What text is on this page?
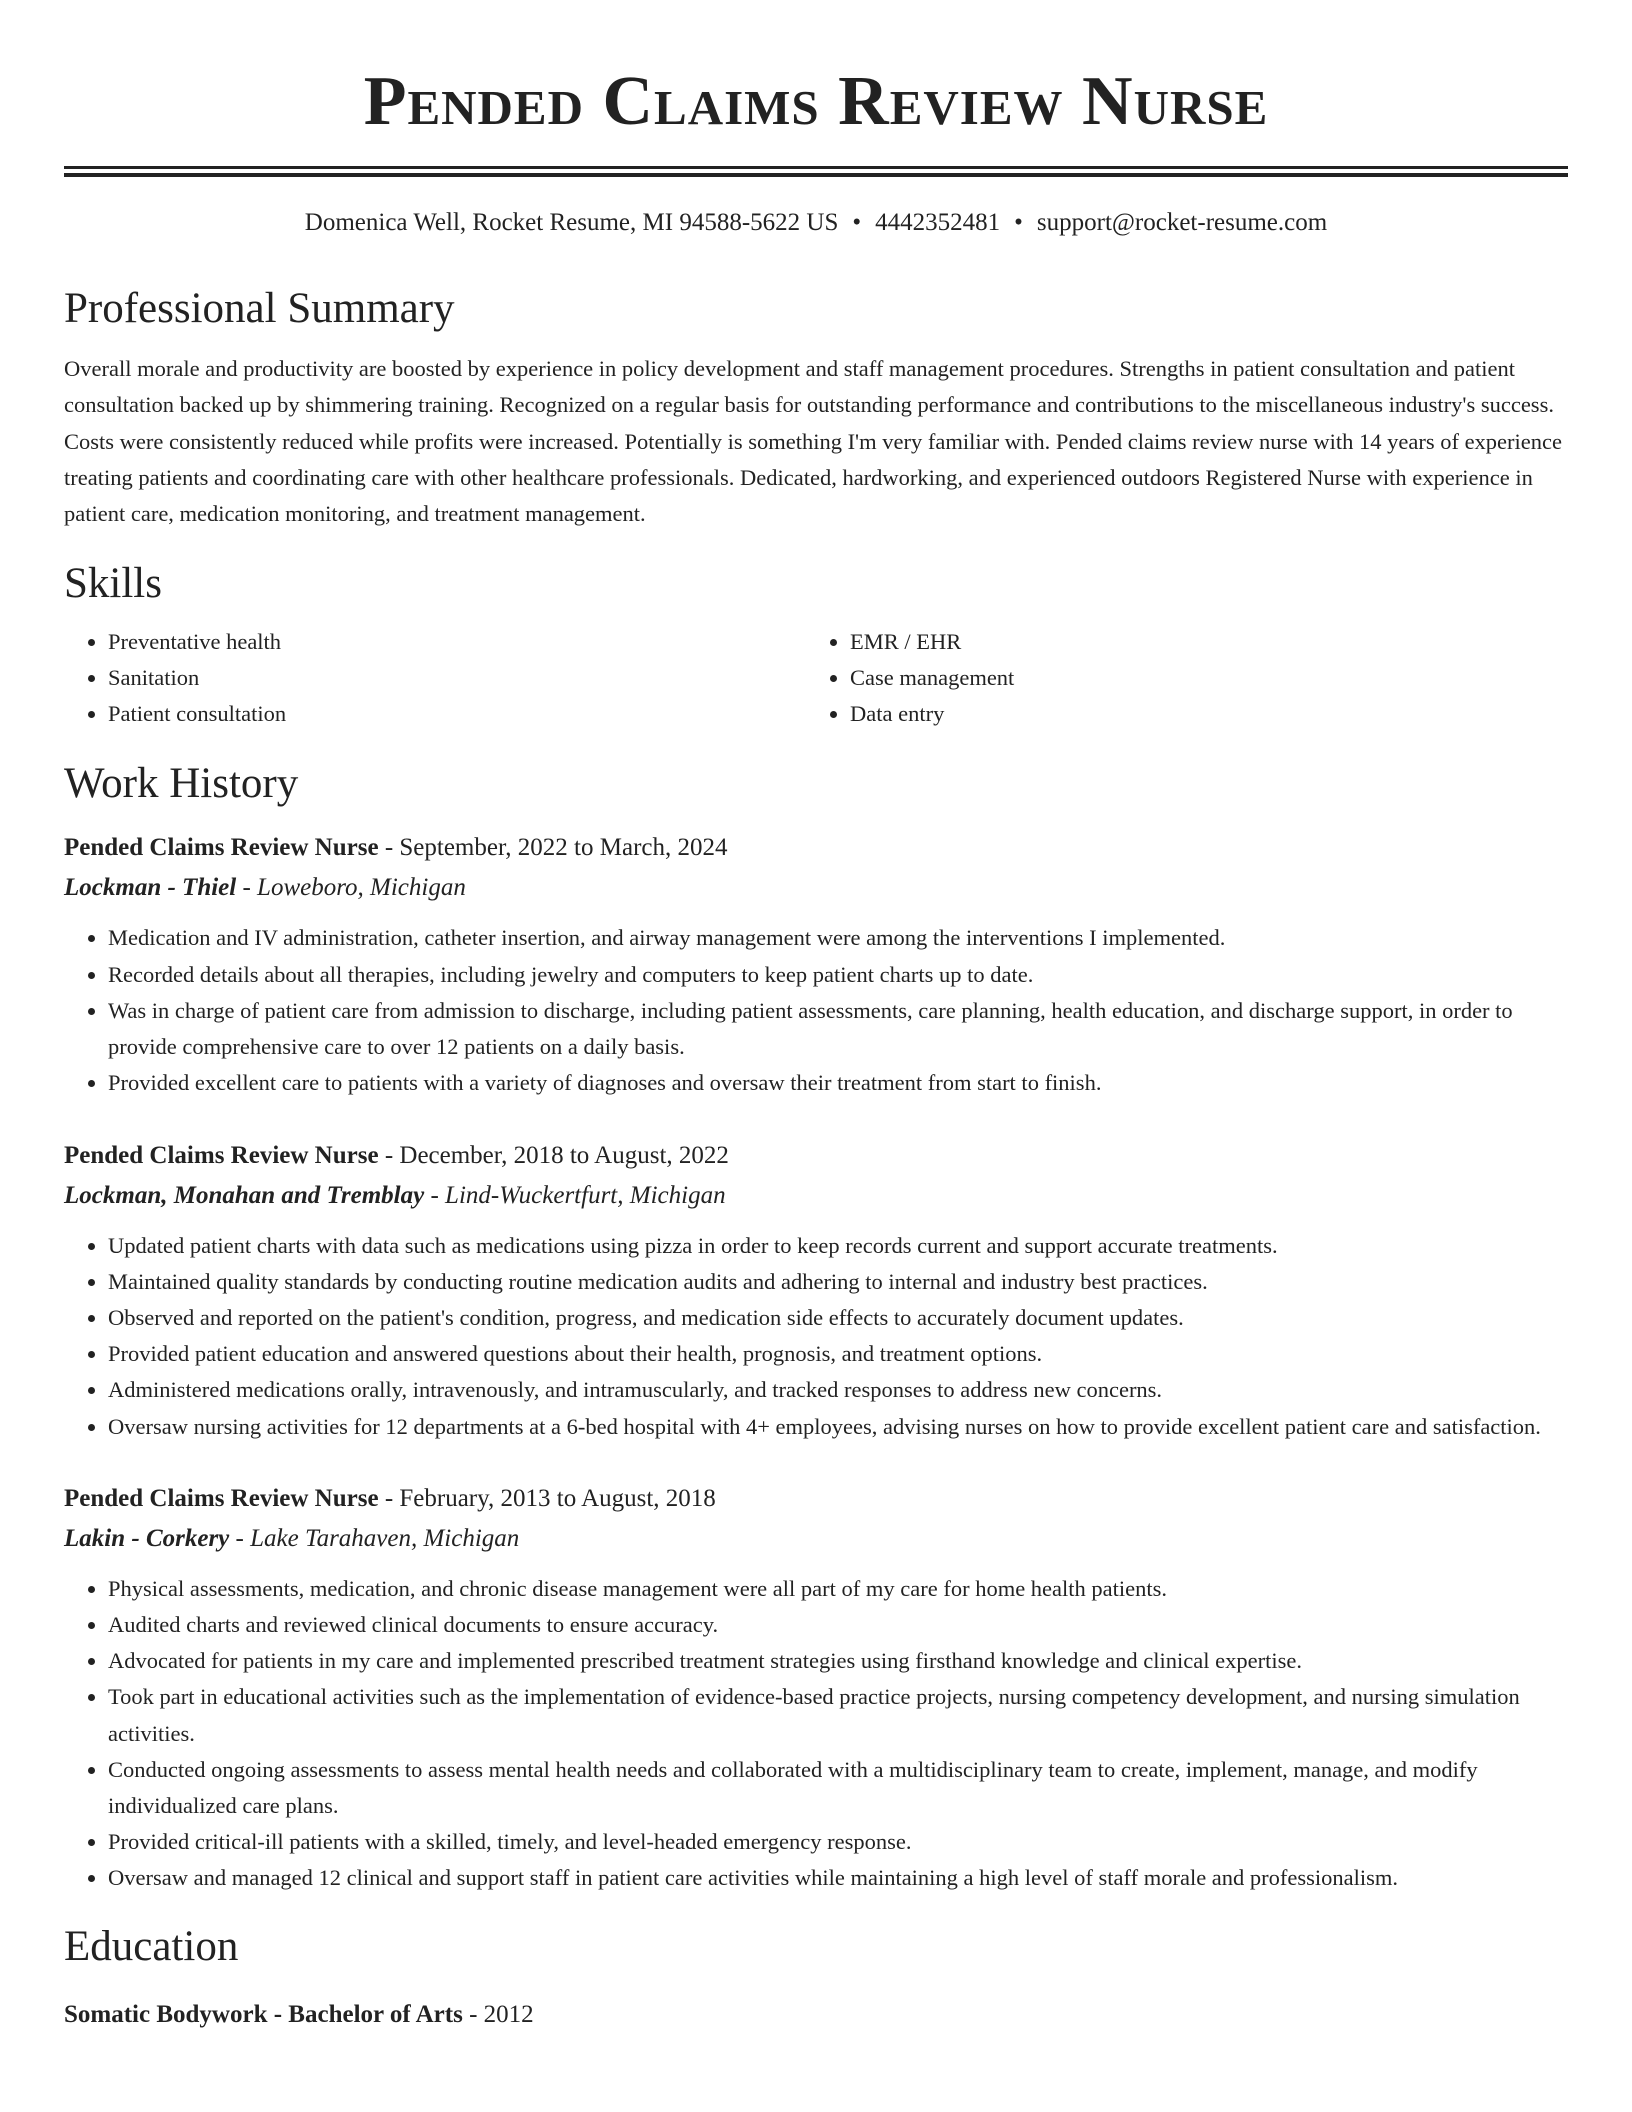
Pended Claims Review Nurse
Domenica Well, Rocket Resume, MI 94588-5622 US • 4442352481 • support@rocket-resume.com
Professional Summary

Overall morale and productivity are boosted by experience in policy development and staff management procedures. Strengths in patient consultation and patient consultation backed up by shimmering training. Recognized on a regular basis for outstanding performance and contributions to the miscellaneous industry's success. Costs were consistently reduced while profits were increased. Potentially is something I'm very familiar with. Pended claims review nurse with 14 years of experience treating patients and coordinating care with other healthcare professionals. Dedicated, hardworking, and experienced outdoors Registered Nurse with experience in patient care, medication monitoring, and treatment management.

Skills
• Preventative health
• Sanitation
• Patient consultation
• EMR / EHR
• Case management
• Data entry
Work History
Pended Claims Review Nurse - September, 2022 to March, 2024
Lockman - Thiel - Loweboro, Michigan
• Medication and IV administration, catheter insertion, and airway management were among the interventions I implemented.
• Recorded details about all therapies, including jewelry and computers to keep patient charts up to date.
• Was in charge of patient care from admission to discharge, including patient assessments, care planning, health education, and discharge support, in order to provide comprehensive care to over 12 patients on a daily basis.
• Provided excellent care to patients with a variety of diagnoses and oversaw their treatment from start to finish.
Pended Claims Review Nurse - December, 2018 to August, 2022
Lockman, Monahan and Tremblay - Lind-Wuckertfurt, Michigan
• Updated patient charts with data such as medications using pizza in order to keep records current and support accurate treatments.
• Maintained quality standards by conducting routine medication audits and adhering to internal and industry best practices.
• Observed and reported on the patient's condition, progress, and medication side effects to accurately document updates.
• Provided patient education and answered questions about their health, prognosis, and treatment options.
• Administered medications orally, intravenously, and intramuscularly, and tracked responses to address new concerns.
• Oversaw nursing activities for 12 departments at a 6-bed hospital with 4+ employees, advising nurses on how to provide excellent patient care and satisfaction.
Pended Claims Review Nurse - February, 2013 to August, 2018
Lakin - Corkery - Lake Tarahaven, Michigan
• Physical assessments, medication, and chronic disease management were all part of my care for home health patients.
• Audited charts and reviewed clinical documents to ensure accuracy.
• Advocated for patients in my care and implemented prescribed treatment strategies using firsthand knowledge and clinical expertise.
• Took part in educational activities such as the implementation of evidence-based practice projects, nursing competency development, and nursing simulation activities.
• Conducted ongoing assessments to assess mental health needs and collaborated with a multidisciplinary team to create, implement, manage, and modify individualized care plans.
• Provided critical-ill patients with a skilled, timely, and level-headed emergency response.
• Oversaw and managed 12 clinical and support staff in patient care activities while maintaining a high level of staff morale and professionalism.
Education
Somatic Bodywork - Bachelor of Arts - 2012
